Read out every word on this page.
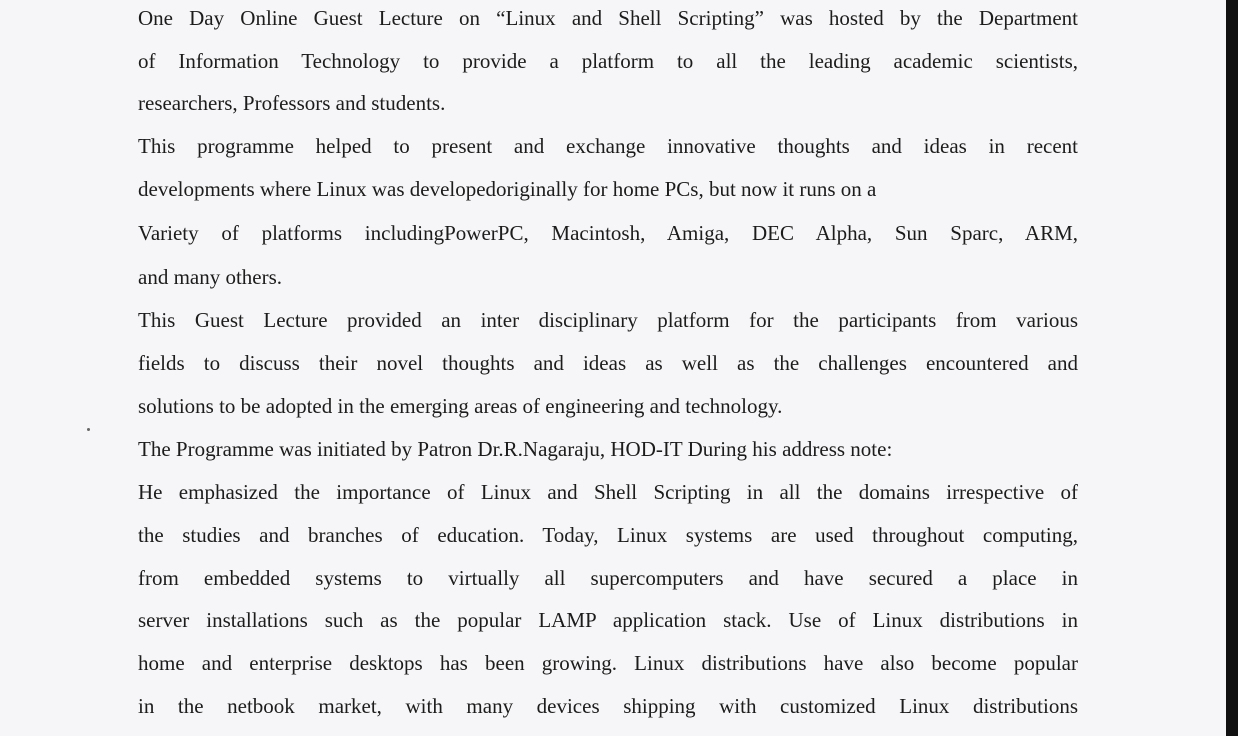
One Day Online Guest Lecture on “Linux and Shell Scripting” was hosted by the Department

of Information Technology to provide a platform to all the leading academic scientists,

researchers, Professors and students.

This programme helped to present and exchange innovative thoughts and ideas in recent

developments where Linux was developedoriginally for home PCs, but now it runs on a

Variety of platforms includingPowerPC, Macintosh, Amiga, DEC Alpha, Sun Sparc, ARM,

and many others.

This Guest Lecture provided an inter disciplinary platform for the participants from various

fields to discuss their novel thoughts and ideas as well as the challenges encountered and

solutions to be adopted in the emerging areas of engineering and technology.

The Programme was initiated by Patron Dr.R.Nagaraju, HOD-IT During his address note:

He emphasized the importance of Linux and Shell Scripting in all the domains irrespective of

the studies and branches of education. Today, Linux systems are used throughout computing,

from embedded systems to virtually all supercomputers and have secured a place in

server installations such as the popular LAMP application stack. Use of Linux distributions in

home and enterprise desktops has been growing. Linux distributions have also become popular

in the netbook market, with many devices shipping with customized Linux distributions
